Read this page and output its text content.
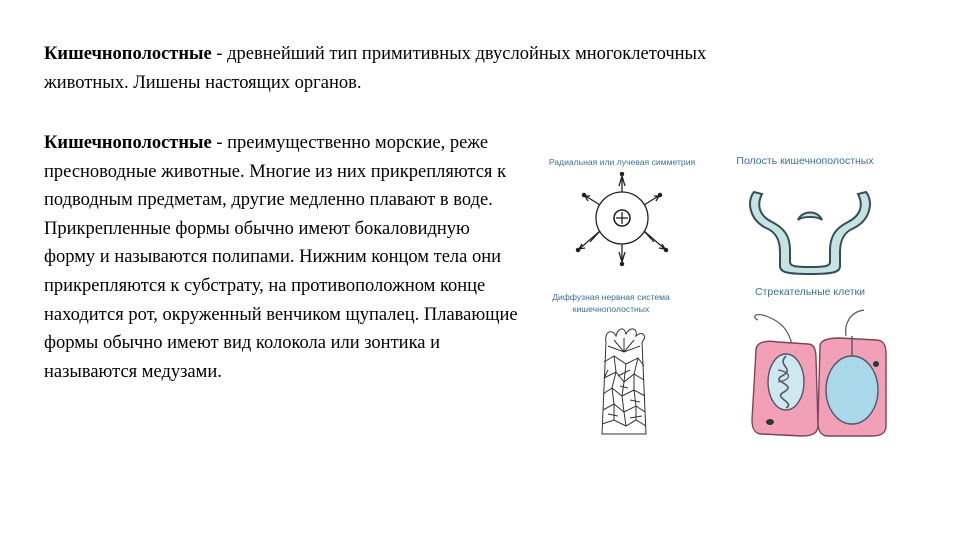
Кишечнополостные - древнейший тип примитивных двуслойных многоклеточных животных. Лишены настоящих органов.

Кишечнополостные - преимущественно морские, реже пресноводные животные. Многие из них прикрепляются к подводным предметам, другие медленно плавают в воде. Прикрепленные формы обычно имеют бокаловидную форму и называются полипами. Нижним концом тела они прикрепляются к субстрату, на противоположном конце находится рот, окруженный венчиком щупалец. Плавающие формы обычно имеют вид колокола или зонтика и называются медузами.

Радиальная или лучевая симметрия	Полость кишечнополостных

Диффузная нервная система

кишечнополостных

Стрекательные клетки
